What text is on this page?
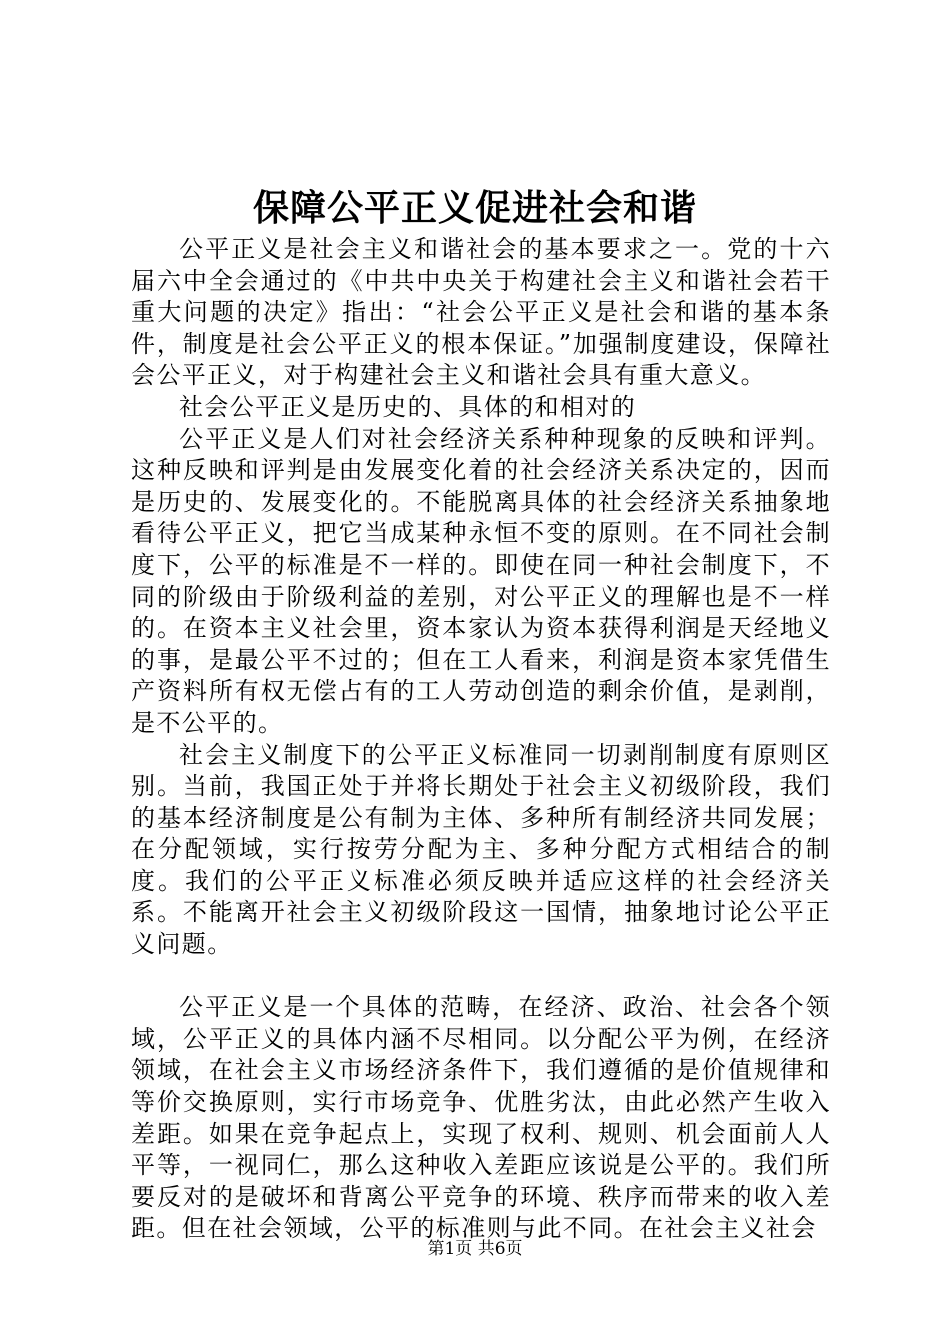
保障公平正义促进社会和谐

公平正义是社会主义和谐社会的基本要求之一。党的十六届六中全会通过的《中共中央关于构建社会主义和谐社会若干重大问题的决定》指出：“社会公平正义是社会和谐的基本条件，制度是社会公平正义的根本保证。”加强制度建设，保障社会公平正义，对于构建社会主义和谐社会具有重大意义。

社会公平正义是历史的、具体的和相对的

公平正义是人们对社会经济关系种种现象的反映和评判。这种反映和评判是由发展变化着的社会经济关系决定的，因而是历史的、发展变化的。不能脱离具体的社会经济关系抽象地看待公平正义，把它当成某种永恒不变的原则。在不同社会制度下，公平的标准是不一样的。即使在同一种社会制度下，不同的阶级由于阶级利益的差别，对公平正义的理解也是不一样的。在资本主义社会里，资本家认为资本获得利润是天经地义的事，是最公平不过的；但在工人看来，利润是资本家凭借生产资料所有权无偿占有的工人劳动创造的剩余价值，是剥削，是不公平的。

社会主义制度下的公平正义标准同一切剥削制度有原则区别。当前，我国正处于并将长期处于社会主义初级阶段，我们的基本经济制度是公有制为主体、多种所有制经济共同发展；在分配领域，实行按劳分配为主、多种分配方式相结合的制度。我们的公平正义标准必须反映并适应这样的社会经济关系。不能离开社会主义初级阶段这一国情，抽象地讨论公平正义问题。

公平正义是一个具体的范畴，在经济、政治、社会各个领域，公平正义的具体内涵不尽相同。以分配公平为例，在经济领域，在社会主义市场经济条件下，我们遵循的是价值规律和等价交换原则，实行市场竞争、优胜劣汰，由此必然产生收入差距。如果在竞争起点上，实现了权利、规则、机会面前人人平等，一视同仁，那么这种收入差距应该说是公平的。我们所要反对的是破坏和背离公平竞争的环境、秩序而带来的收入差距。但在社会领域，公平的标准则与此不同。在社会主义社会

第1页 共6页
